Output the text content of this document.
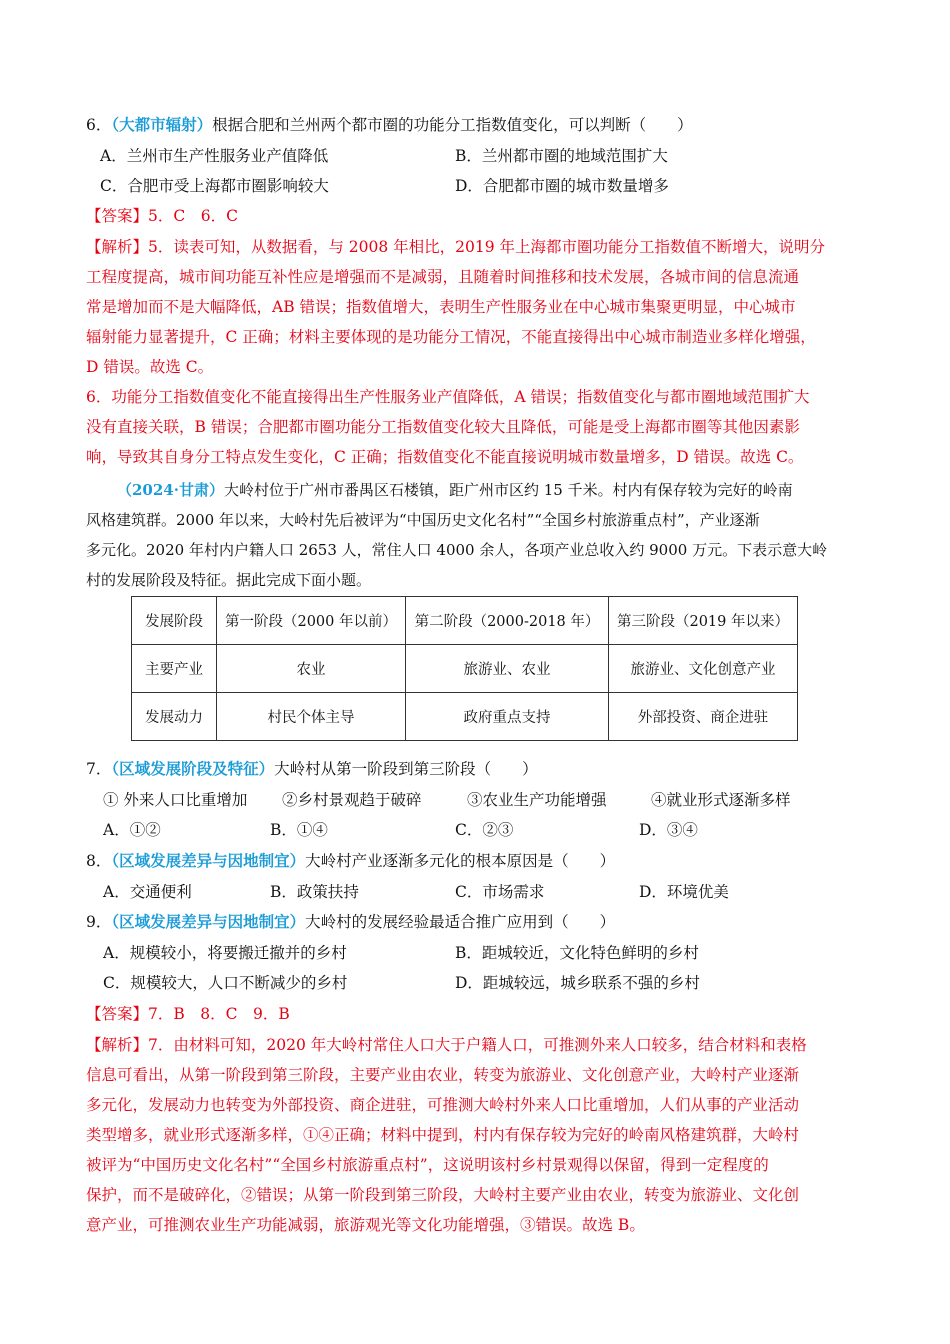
6．（大都市辐射）根据合肥和兰州两个都市圈的功能分工指数值变化，可以判断（　　）
A．兰州市生产性服务业产值降低	B．兰州都市圈的地域范围扩大
C．合肥市受上海都市圈影响较大	D．合肥都市圈的城市数量增多
【答案】5．C　6．C
【解析】5．读表可知，从数据看，与 2008 年相比，2019 年上海都市圈功能分工指数值不断增大，说明分
工程度提高，城市间功能互补性应是增强而不是减弱，且随着时间推移和技术发展，各城市间的信息流通
常是增加而不是大幅降低，AB 错误；指数值增大，表明生产性服务业在中心城市集聚更明显，中心城市
辐射能力显著提升，C 正确；材料主要体现的是功能分工情况，不能直接得出中心城市制造业多样化增强，
D 错误。故选 C。
6．功能分工指数值变化不能直接得出生产性服务业产值降低，A 错误；指数值变化与都市圈地域范围扩大
没有直接关联，B 错误；合肥都市圈功能分工指数值变化较大且降低，可能是受上海都市圈等其他因素影
响，导致其自身分工特点发生变化，C 正确；指数值变化不能直接说明城市数量增多，D 错误。故选 C。
（2024·甘肃）大岭村位于广州市番禺区石楼镇，距广州市区约 15 千米。村内有保存较为完好的岭南
风格建筑群。2000 年以来，大岭村先后被评为“中国历史文化名村”“全国乡村旅游重点村”，产业逐渐
多元化。2020 年村内户籍人口 2653 人，常住人口 4000 余人，各项产业总收入约 9000 万元。下表示意大岭
村的发展阶段及特征。据此完成下面小题。
发展阶段	第一阶段（2000 年以前）	第二阶段（2000-2018 年）	第三阶段（2019 年以来）
主要产业	农业	旅游业、农业	旅游业、文化创意产业
发展动力	村民个体主导	政府重点支持	外部投资、商企进驻
7．（区域发展阶段及特征）大岭村从第一阶段到第三阶段（　　）
① 外来人口比重增加 ②乡村景观趋于破碎	③农业生产功能增强	④就业形式逐渐多样
A．①②	B．①④	C．②③	D．③④
8．（区域发展差异与因地制宜）大岭村产业逐渐多元化的根本原因是（　　）
A．交通便利	B．政策扶持	C．市场需求	D．环境优美
9．（区域发展差异与因地制宜）大岭村的发展经验最适合推广应用到（　　）
A．规模较小，将要搬迁撤并的乡村	B．距城较近，文化特色鲜明的乡村
C．规模较大，人口不断减少的乡村	D．距城较远，城乡联系不强的乡村
【答案】7．B　8．C　9．B
【解析】7．由材料可知，2020 年大岭村常住人口大于户籍人口，可推测外来人口较多，结合材料和表格
信息可看出，从第一阶段到第三阶段，主要产业由农业，转变为旅游业、文化创意产业，大岭村产业逐渐
多元化，发展动力也转变为外部投资、商企进驻，可推测大岭村外来人口比重增加，人们从事的产业活动
类型增多，就业形式逐渐多样，①④正确；材料中提到，村内有保存较为完好的岭南风格建筑群，大岭村
被评为“中国历史文化名村”“全国乡村旅游重点村”，这说明该村乡村景观得以保留，得到一定程度的
保护，而不是破碎化，②错误；从第一阶段到第三阶段，大岭村主要产业由农业，转变为旅游业、文化创
意产业，可推测农业生产功能减弱，旅游观光等文化功能增强，③错误。故选 B。
